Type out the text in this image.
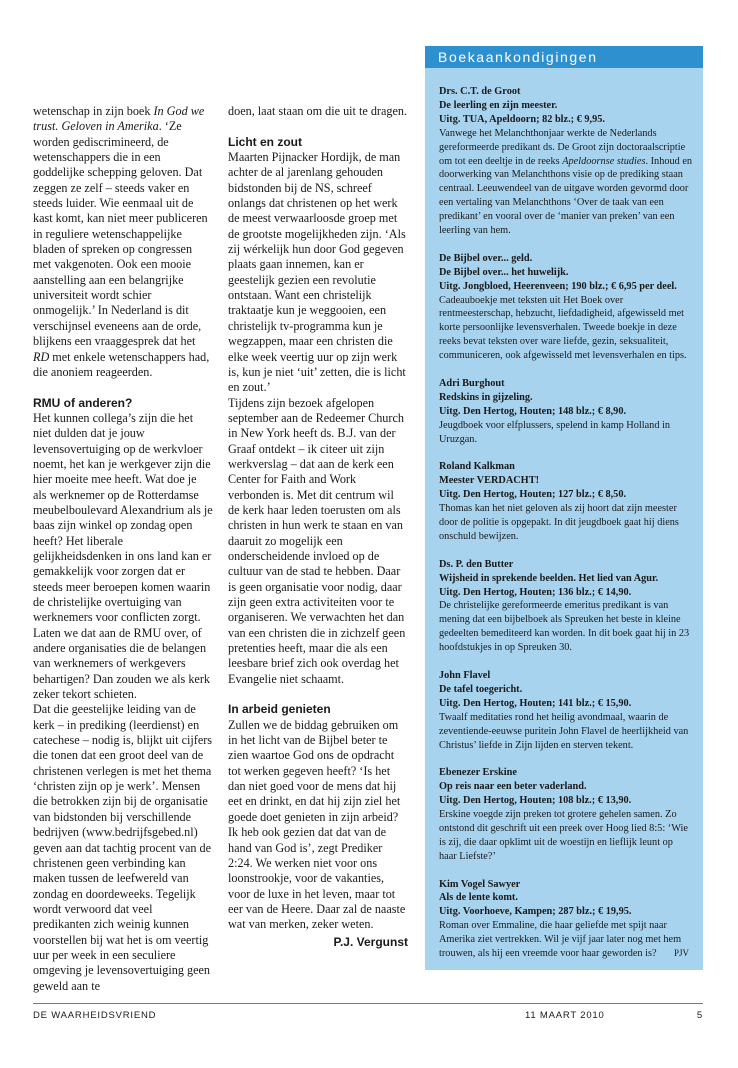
wetenschap in zijn boek In God we trust. Geloven in Amerika. ‘Ze worden gediscrimineerd, de wetenschappers die in een goddelijke schepping geloven. Dat zeggen ze zelf – steeds vaker en steeds luider. Wie eenmaal uit de kast komt, kan niet meer publiceren in reguliere wetenschappelijke bladen of spreken op congressen met vakgenoten. Ook een mooie aanstelling aan een belangrijke universiteit wordt schier onmogelijk.’ In Nederland is dit verschijnsel eveneens aan de orde, blijkens een vraaggesprek dat het RD met enkele wetenschappers had, die anoniem reageerden.

RMU of anderen?

Het kunnen collega’s zijn die het niet dulden dat je jouw levensovertuiging op de werkvloer noemt, het kan je werkgever zijn die hier moeite mee heeft. Wat doe je als werknemer op de Rotterdamse meubelboulevard Alexandrium als je baas zijn winkel op zondag open heeft? Het liberale gelijkheidsdenken in ons land kan er gemakkelijk voor zorgen dat er steeds meer beroepen komen waarin de christelijke overtuiging van werknemers voor conflicten zorgt. Laten we dat aan de RMU over, of andere organisaties die de belangen van werknemers of werkgevers behartigen? Dan zouden we als kerk zeker tekort schieten.

Dat die geestelijke leiding van de kerk – in prediking (leerdienst) en catechese – nodig is, blijkt uit cijfers die tonen dat een groot deel van de christenen verlegen is met het thema ‘christen zijn op je werk’. Mensen die betrokken zijn bij de organisatie van bidstonden bij verschillende bedrijven (www.bedrijfsgebed.nl) geven aan dat tachtig procent van de christenen geen verbinding kan maken tussen de leefwereld van zondag en doordeweeks. Tegelijk wordt verwoord dat veel predikanten zich weinig kunnen voorstellen bij wat het is om veertig uur per week in een seculiere omgeving je levensovertuiging geen geweld aan te

doen, laat staan om die uit te dragen.

Licht en zout

Maarten Pijnacker Hordijk, de man achter de al jarenlang gehouden bidstonden bij de NS, schreef onlangs dat christenen op het werk de meest verwaarloosde groep met de grootste mogelijkheden zijn. ‘Als zij wérkelijk hun door God gegeven plaats gaan innemen, kan er geestelijk gezien een revolutie ontstaan. Want een christelijk traktaatje kun je weggooien, een christelijk tv-programma kun je wegzappen, maar een christen die elke week veertig uur op zijn werk is, kun je niet ‘uit’ zetten, die is licht en zout.’

Tijdens zijn bezoek afgelopen september aan de Redeemer Church in New York heeft ds. B.J. van der Graaf ontdekt – ik citeer uit zijn werkverslag – dat aan de kerk een Center for Faith and Work verbonden is. Met dit centrum wil de kerk haar leden toerusten om als christen in hun werk te staan en van daaruit zo mogelijk een onderscheidende invloed op de cultuur van de stad te hebben. Daar is geen organisatie voor nodig, daar zijn geen extra activiteiten voor te organiseren. We verwachten het dan van een christen die in zichzelf geen pretenties heeft, maar die als een leesbare brief zich ook overdag het Evangelie niet schaamt.

In arbeid genieten

Zullen we de biddag gebruiken om in het licht van de Bijbel beter te zien waartoe God ons de opdracht tot werken gegeven heeft? ‘Is het dan niet goed voor de mens dat hij eet en drinkt, en dat hij zijn ziel het goede doet genieten in zijn arbeid? Ik heb ook gezien dat dat van de hand van God is’, zegt Prediker 2:24. We werken niet voor ons loonstrookje, voor de vakanties, voor de luxe in het leven, maar tot eer van de Heere. Daar zal de naaste wat van merken, zeker weten.

P.J. Vergunst
Boekaankondigingen
Drs. C.T. de Groot
De leerling en zijn meester.
Uitg. TUA, Apeldoorn; 82 blz.; € 9,95.
Vanwege het Melanchthonjaar werkte de Nederlands gereformeerde predikant ds. De Groot zijn doctoraalscriptie om tot een deeltje in de reeks Apeldoornse studies. Inhoud en doorwerking van Melanchthons visie op de prediking staan centraal. Leeuwendeel van de uitgave worden gevormd door een vertaling van Melanchthons ‘Over de taak van een predikant’ en vooral over de ‘manier van preken’ van een leerling van hem.
De Bijbel over... geld.
De Bijbel over... het huwelijk.
Uitg. Jongbloed, Heerenveen; 190 blz.; € 6,95 per deel.
Cadeauboekje met teksten uit Het Boek over rentmeesterschap, hebzucht, liefdadigheid, afgewisseld met korte persoonlijke levensverhalen. Tweede boekje in deze reeks bevat teksten over ware liefde, gezin, seksualiteit, communiceren, ook afgewisseld met levensverhalen en tips.
Adri Burghout
Redskins in gijzeling.
Uitg. Den Hertog, Houten; 148 blz.; € 8,90.
Jeugdboek voor elfplussers, spelend in kamp Holland in Uruzgan.
Roland Kalkman
Meester VERDACHT!
Uitg. Den Hertog, Houten; 127 blz.; € 8,50.
Thomas kan het niet geloven als zij hoort dat zijn meester door de politie is opgepakt. In dit jeugdboek gaat hij diens onschuld bewijzen.
Ds. P. den Butter
Wijsheid in sprekende beelden. Het lied van Agur.
Uitg. Den Hertog, Houten; 136 blz.; € 14,90.
De christelijke gereformeerde emeritus predikant is van mening dat een bijbelboek als Spreuken het beste in kleine gedeelten bemediteerd kan worden. In dit boek gaat hij in 23 hoofdstukjes in op Spreuken 30.
John Flavel
De tafel toegericht.
Uitg. Den Hertog, Houten; 141 blz.; € 15,90.
Twaalf meditaties rond het heilig avondmaal, waarin de zeventiende-eeuwse puritein John Flavel de heerlijkheid van Christus’ liefde in Zijn lijden en sterven tekent.
Ebenezer Erskine
Op reis naar een beter vaderland.
Uitg. Den Hertog, Houten; 108 blz.; € 13,90.
Erskine voegde zijn preken tot grotere gehelen samen. Zo ontstond dit geschrift uit een preek over Hoog lied 8:5: ‘Wie is zij, die daar opklimt uit de woestijn en lieflijk leunt op haar Liefste?’
Kim Vogel Sawyer
Als de lente komt.
Uitg. Voorhoeve, Kampen; 287 blz.; € 19,95.
Roman over Emmaline, die haar geliefde met spijt naar Amerika ziet vertrekken. Wil je vijf jaar later nog met hem trouwen, als hij een vreemde voor haar geworden is?	PJV
DE WAARHEIDSVRIEND	11 MAART 2010	5
